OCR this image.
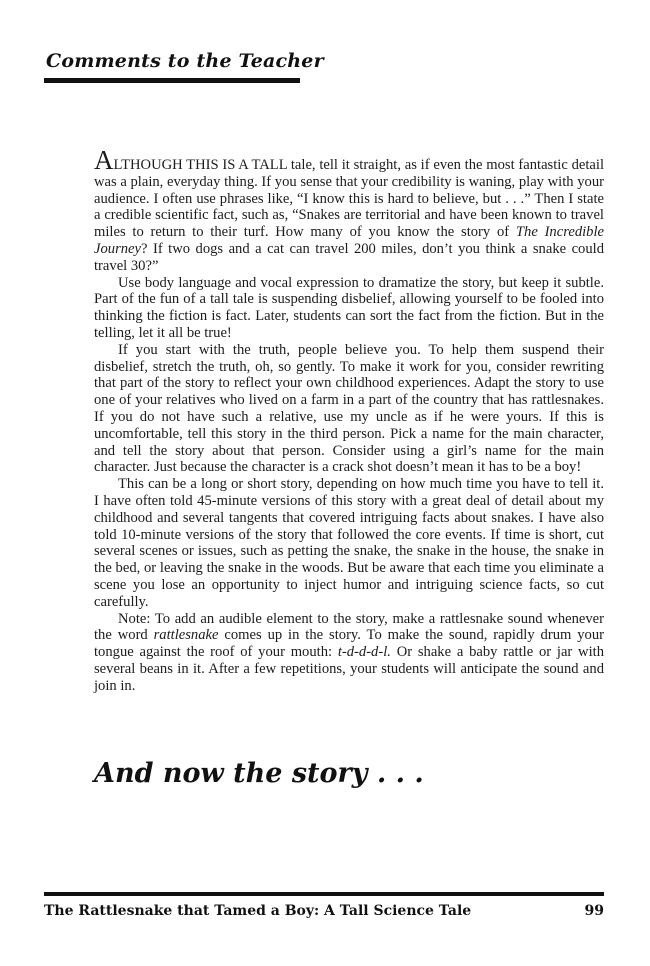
Comments to the Teacher

ALTHOUGH THIS IS A TALL tale, tell it straight, as if even the most fantastic detail was a plain, everyday thing. If you sense that your credibility is waning, play with your audience. I often use phrases like, “I know this is hard to believe, but . . .” Then I state a credible scientific fact, such as, “Snakes are territorial and have been known to travel miles to return to their turf. How many of you know the story of The Incredible Journey? If two dogs and a cat can travel 200 miles, don’t you think a snake could travel 30?”

Use body language and vocal expression to dramatize the story, but keep it subtle. Part of the fun of a tall tale is suspending disbelief, allowing yourself to be fooled into thinking the fiction is fact. Later, students can sort the fact from the fiction. But in the telling, let it all be true!

If you start with the truth, people believe you. To help them suspend their disbelief, stretch the truth, oh, so gently. To make it work for you, consider rewriting that part of the story to reflect your own childhood experiences. Adapt the story to use one of your relatives who lived on a farm in a part of the country that has rattlesnakes. If you do not have such a relative, use my uncle as if he were yours. If this is uncomfortable, tell this story in the third person. Pick a name for the main character, and tell the story about that person. Consider using a girl’s name for the main character. Just because the character is a crack shot doesn’t mean it has to be a boy!

This can be a long or short story, depending on how much time you have to tell it. I have often told 45-minute versions of this story with a great deal of detail about my childhood and several tangents that covered intriguing facts about snakes. I have also told 10-minute versions of the story that followed the core events. If time is short, cut several scenes or issues, such as petting the snake, the snake in the house, the snake in the bed, or leaving the snake in the woods. But be aware that each time you eliminate a scene you lose an opportunity to inject humor and intriguing science facts, so cut carefully.

Note: To add an audible element to the story, make a rattlesnake sound whenever the word rattlesnake comes up in the story. To make the sound, rapidly drum your tongue against the roof of your mouth: t-d-d-d-l. Or shake a baby rattle or jar with several beans in it. After a few repetitions, your students will anticipate the sound and join in.

And now the story . . .
The Rattlesnake that Tamed a Boy: A Tall Science Tale	99
